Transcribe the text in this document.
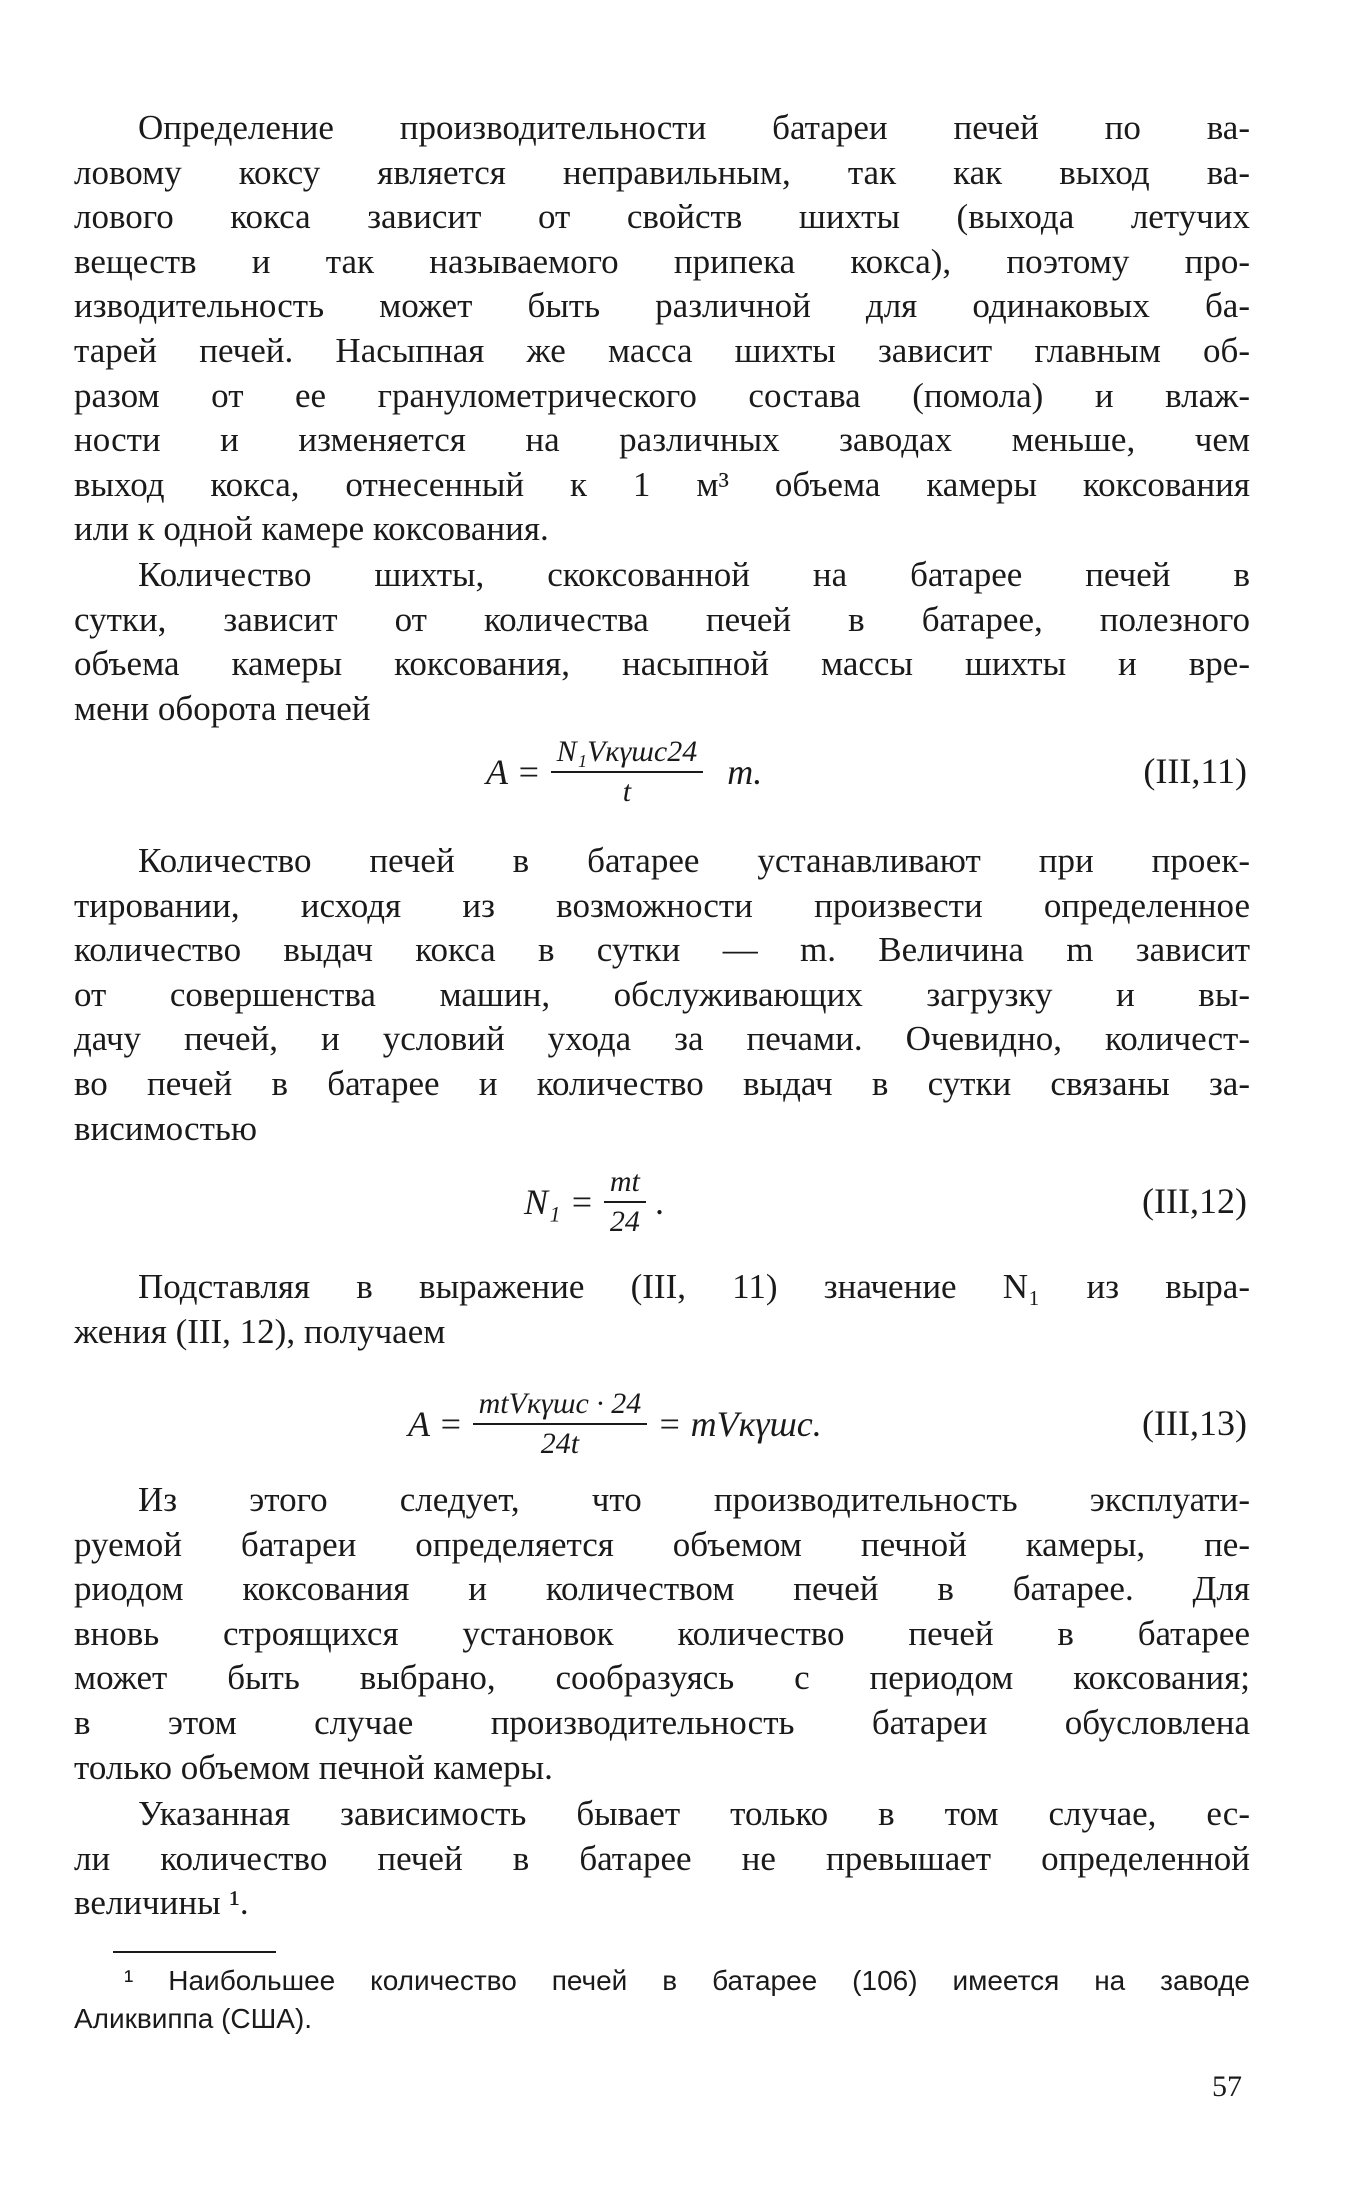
Определение производительности батареи печей по ва-
ловому коксу является неправильным, так как выход ва-
лового кокса зависит от свойств шихты (выхода летучих
веществ и так называемого припека кокса), поэтому про-
изводительность может быть различной для одинаковых ба-
тарей печей. Насыпная же масса шихты зависит главным об-
разом от ее гранулометрического состава (помола) и влаж-
ности и изменяется на различных заводах меньше, чем
выход кокса, отнесенный к 1 м³ объема камеры коксования
или к одной камере коксования.
Количество шихты, скоксованной на батарее печей в
сутки, зависит от количества печей в батарее, полезного
объема камеры коксования, насыпной массы шихты и вре-
мени оборота печей
$A = \frac{\text{N₁Vкγшс24}}{t} m$.	(III,11)
Количество печей в батарее устанавливают при проек-
тировании, исходя из возможности произвести определенное
количество выдач кокса в сутки — m. Величина m зависит
от совершенства машин, обслуживающих загрузку и вы-
дачу печей, и условий ухода за печами. Очевидно, количест-
во печей в батарее и количество выдач в сутки связаны за-
висимостью
$N_1 = \frac{mt}{24}$ .	(III,12)
Подставляя в выражение (III, 11) значение N₁ из выра-
жения (III, 12), получаем
$A = \frac{\text{mtVкγшс · 24}}{24t} = mVк\gamma шс$.	(III,13)
Из этого следует, что производительность эксплуати-
руемой батареи определяется объемом печной камеры, пе-
риодом коксования и количеством печей в батарее. Для
вновь строящихся установок количество печей в батарее
может быть выбрано, сообразуясь с периодом коксования;
в этом случае производительность батареи обусловлена
только объемом печной камеры.
Указанная зависимость бывает только в том случае, ес-
ли количество печей в батарее не превышает определенной
величины ¹.
¹ Наибольшее количество печей в батарее (106) имеется на заводе
Аликвиппа (США).
57
